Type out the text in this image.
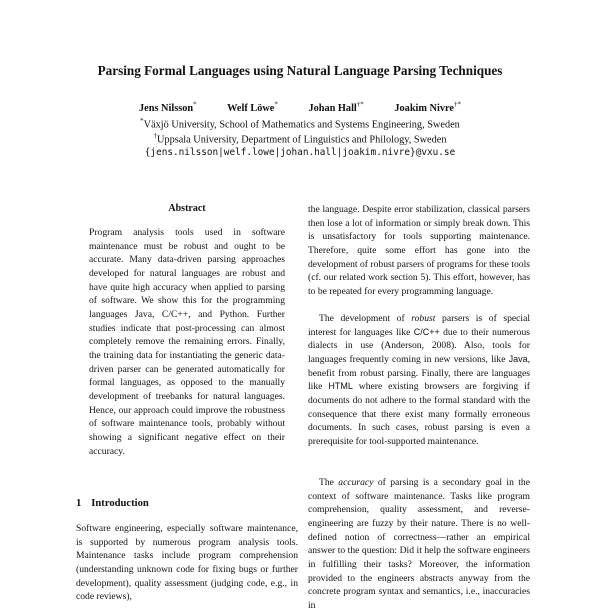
Parsing Formal Languages using Natural Language Parsing Techniques
Jens Nilsson*	Welf Löwe*	Johan Hall†*	Joakim Nivre†*
*Växjö University, School of Mathematics and Systems Engineering, Sweden
†Uppsala University, Department of Linguistics and Philology, Sweden
{jens.nilsson|welf.lowe|johan.hall|joakim.nivre}@vxu.se
Abstract

Program analysis tools used in software maintenance must be robust and ought to be accurate. Many data-driven parsing approaches developed for natural languages are robust and have quite high accuracy when applied to parsing of software. We show this for the programming languages Java, C/C++, and Python. Further studies indicate that post-processing can almost completely remove the remaining errors. Finally, the training data for instantiating the generic data-driven parser can be generated automatically for formal languages, as opposed to the manually development of treebanks for natural languages. Hence, our approach could improve the robustness of software maintenance tools, probably without showing a significant negative effect on their accuracy.

1 Introduction

Software engineering, especially software maintenance, is supported by numerous program analysis tools. Maintenance tasks include program comprehension (understanding unknown code for fixing bugs or further development), quality assessment (judging code, e.g., in code reviews),

the language. Despite error stabilization, classical parsers then lose a lot of information or simply break down. This is unsatisfactory for tools supporting maintenance. Therefore, quite some effort has gone into the development of robust parsers of programs for these tools (cf. our related work section 5). This effort, however, has to be repeated for every programming language.

The development of robust parsers is of special interest for languages like C/C++ due to their numerous dialects in use (Anderson, 2008). Also, tools for languages frequently coming in new versions, like Java, benefit from robust parsing. Finally, there are languages like HTML where existing browsers are forgiving if documents do not adhere to the formal standard with the consequence that there exist many formally erroneous documents. In such cases, robust parsing is even a prerequisite for tool-supported maintenance.

The accuracy of parsing is a secondary goal in the context of software maintenance. Tasks like program comprehension, quality assessment, and reverse-engineering are fuzzy by their nature. There is no well-defined notion of correctness—rather an empirical answer to the question: Did it help the software engineers in fulfilling their tasks? Moreover, the information provided to the engineers abstracts anyway from the concrete program syntax and semantics, i.e., inaccuracies in
